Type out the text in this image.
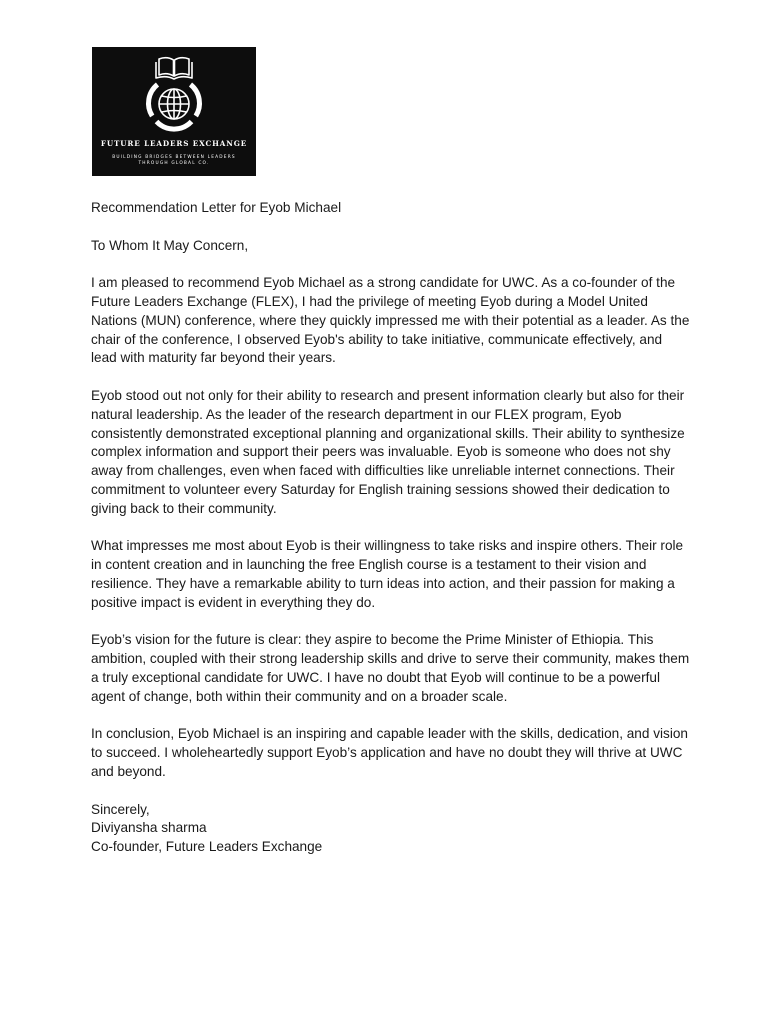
FUTURE LEADERS EXCHANGE
BUILDING BRIDGES BETWEEN LEADERS THROUGH GLOBAL CO.

Recommendation Letter for Eyob Michael

To Whom It May Concern,

I am pleased to recommend Eyob Michael as a strong candidate for UWC. As a co-founder of the Future Leaders Exchange (FLEX), I had the privilege of meeting Eyob during a Model United Nations (MUN) conference, where they quickly impressed me with their potential as a leader. As the chair of the conference, I observed Eyob's ability to take initiative, communicate effectively, and lead with maturity far beyond their years.

Eyob stood out not only for their ability to research and present information clearly but also for their natural leadership. As the leader of the research department in our FLEX program, Eyob consistently demonstrated exceptional planning and organizational skills. Their ability to synthesize complex information and support their peers was invaluable. Eyob is someone who does not shy away from challenges, even when faced with difficulties like unreliable internet connections. Their commitment to volunteer every Saturday for English training sessions showed their dedication to giving back to their community.

What impresses me most about Eyob is their willingness to take risks and inspire others. Their role in content creation and in launching the free English course is a testament to their vision and resilience. They have a remarkable ability to turn ideas into action, and their passion for making a positive impact is evident in everything they do.

Eyob’s vision for the future is clear: they aspire to become the Prime Minister of Ethiopia. This ambition, coupled with their strong leadership skills and drive to serve their community, makes them a truly exceptional candidate for UWC. I have no doubt that Eyob will continue to be a powerful agent of change, both within their community and on a broader scale.

In conclusion, Eyob Michael is an inspiring and capable leader with the skills, dedication, and vision to succeed. I wholeheartedly support Eyob’s application and have no doubt they will thrive at UWC and beyond.

Sincerely,

Diviyansha sharma

Co-founder, Future Leaders Exchange
